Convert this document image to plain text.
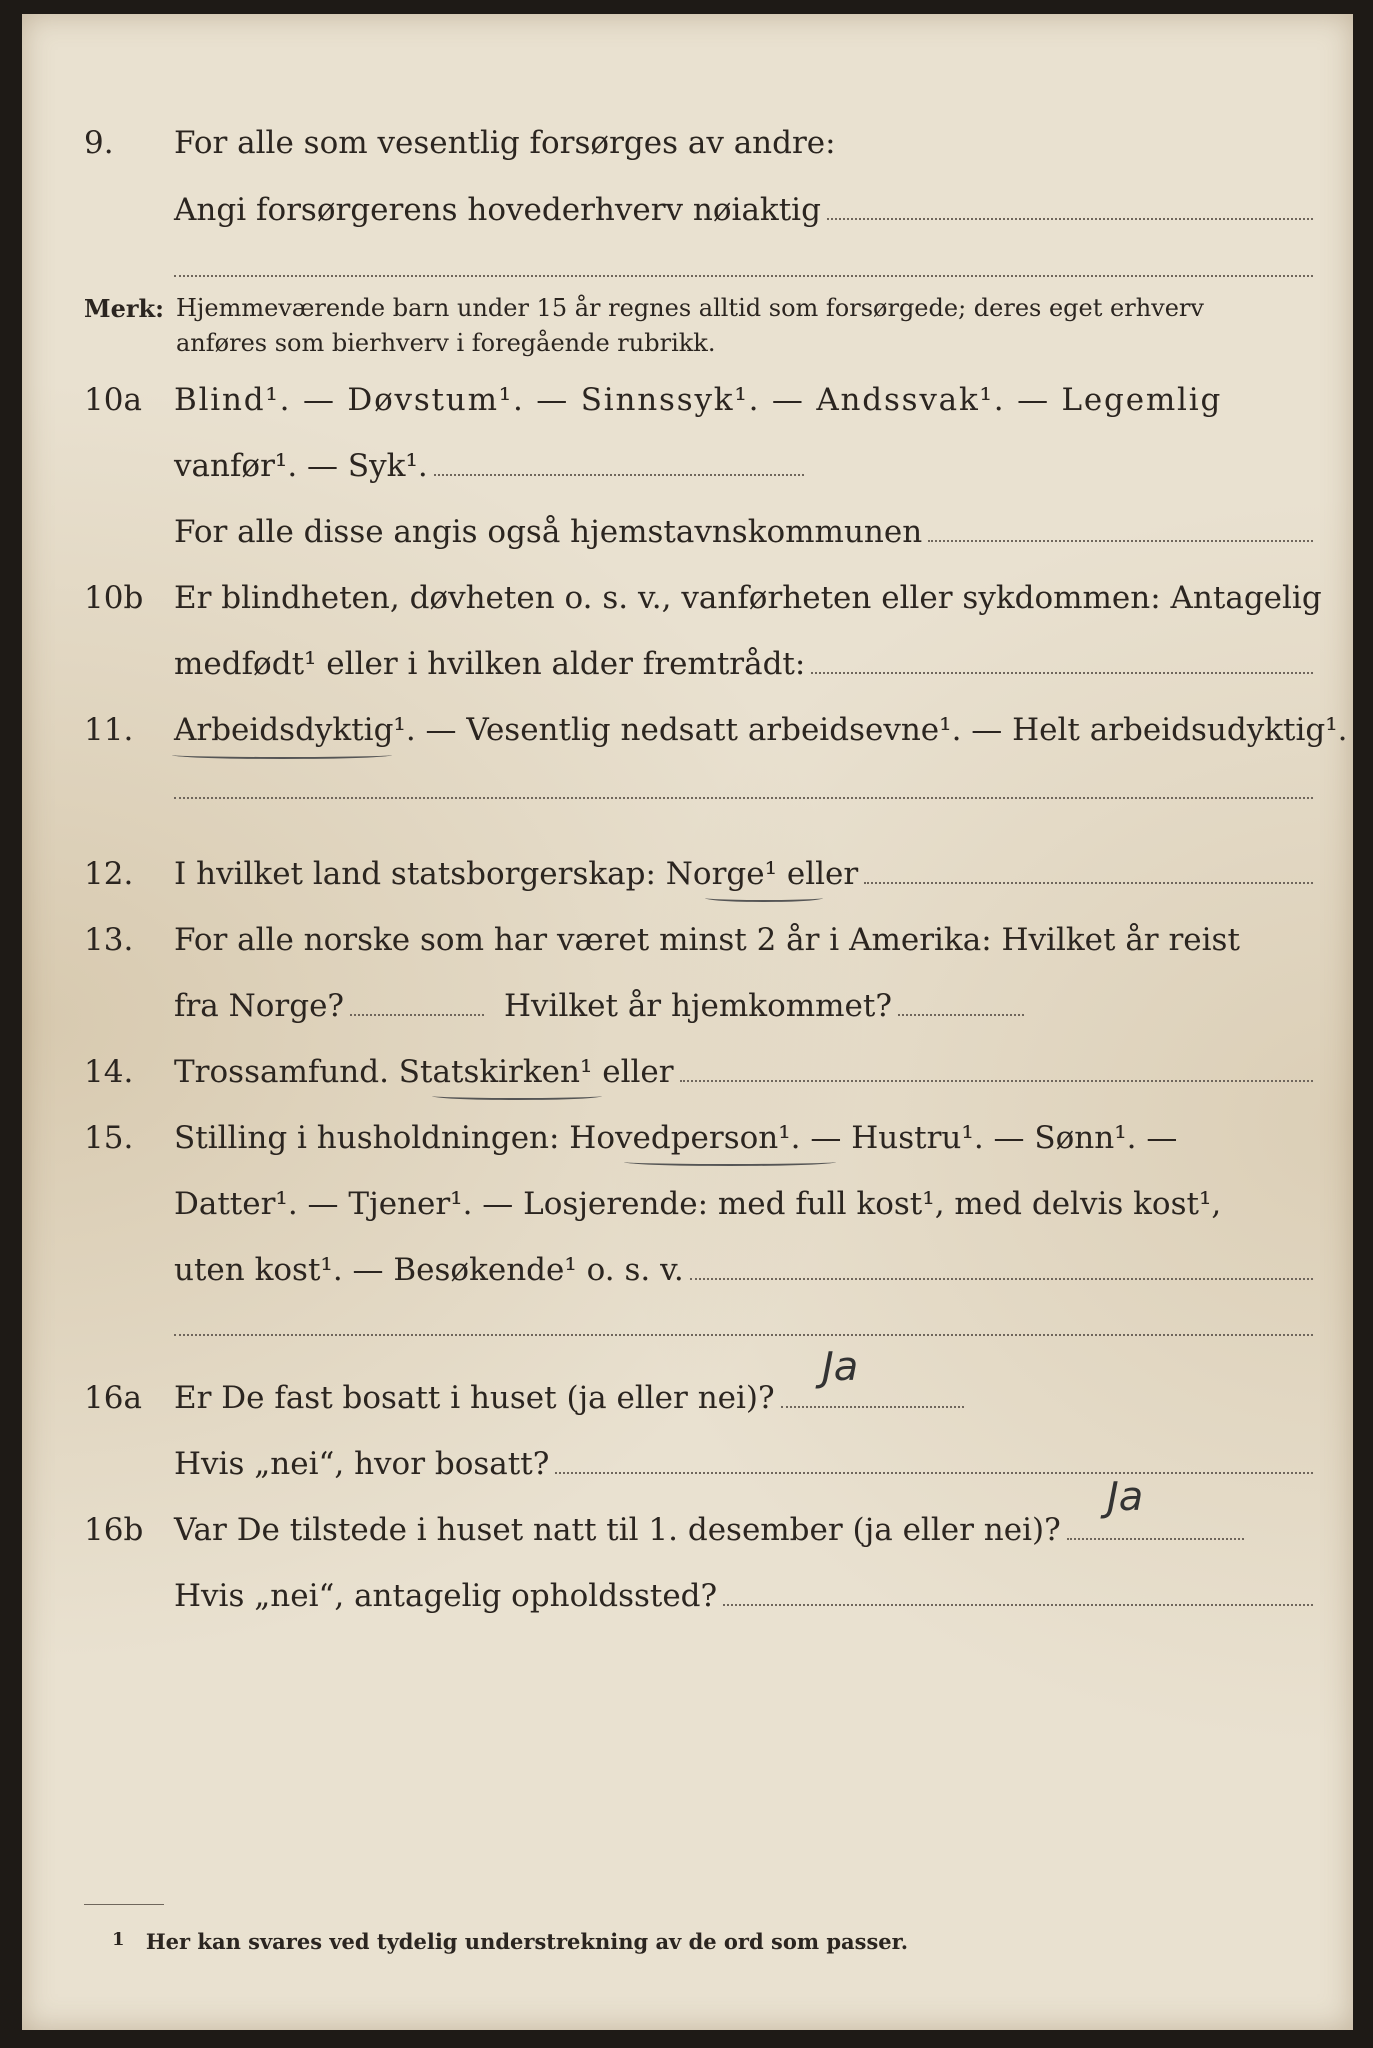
9. For alle som vesentlig forsørges av andre:
Angi forsørgerens hovederhverv nøiaktig
Merk: Hjemmeværende barn under 15 år regnes alltid som forsørgede; deres eget erhverv
anføres som bierhverv i foregående rubrikk.
10a Blind¹. — Døvstum¹. — Sinnssyk¹. — Andssvak¹. — Legemlig
vanfør¹. — Syk¹.
For alle disse angis også hjemstavnskommunen
10b Er blindheten, døvheten o. s. v., vanførheten eller sykdommen: Antagelig
medfødt¹ eller i hvilken alder fremtrådt:
11. Arbeidsdyktig¹. — Vesentlig nedsatt arbeidsevne¹. — Helt arbeidsudyktig¹.
12. I hvilket land statsborgerskap: Norge¹ eller
13. For alle norske som har været minst 2 år i Amerika: Hvilket år reist
fra Norge?	Hvilket år hjemkommet?
14. Trossamfund. Statskirken¹ eller
15. Stilling i husholdningen: Hovedperson¹. — Hustru¹. — Sønn¹. —
Datter¹. — Tjener¹. — Losjerende: med full kost¹, med delvis kost¹,
uten kost¹. — Besøkende¹ o. s. v.
16a Er De fast bosatt i huset (ja eller nei)?
Ja
Hvis „nei“, hvor bosatt?
16b Var De tilstede i huset natt til 1. desember (ja eller nei)?
Ja
Hvis „nei“, antagelig opholdssted?
1 Her kan svares ved tydelig understrekning av de ord som passer.
